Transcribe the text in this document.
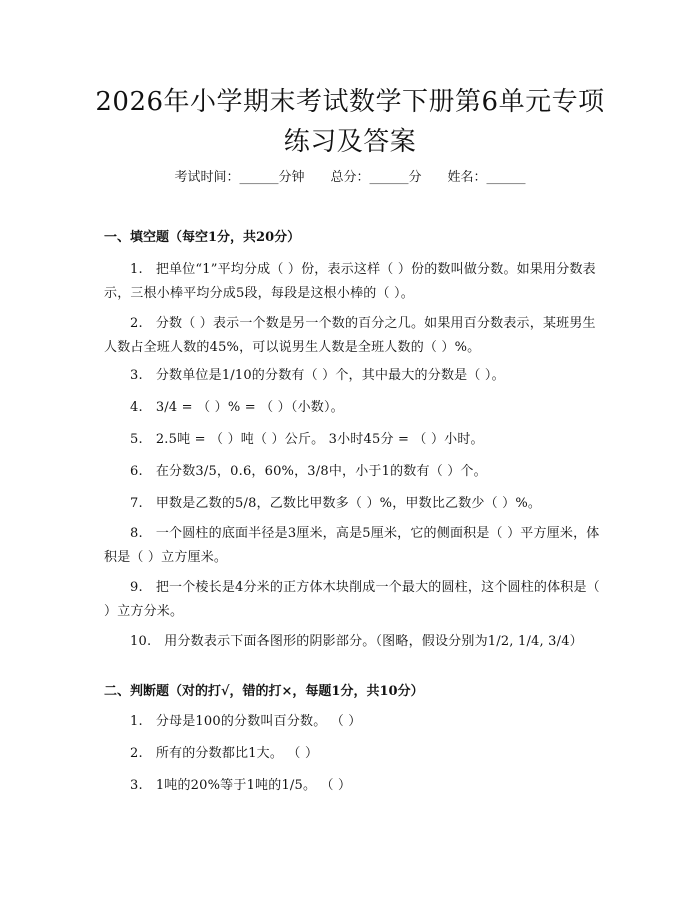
2026年小学期末考试数学下册第6单元专项
练习及答案
考试时间：______分钟 总分：______分 姓名：______
一、填空题（每空1分，共20分）
1. 把单位“1”平均分成（ ）份，表示这样（ ）份的数叫做分数。如果用分数表示，三根小棒平均分成5段，每段是这根小棒的（ ）。
2. 分数（ ）表示一个数是另一个数的百分之几。如果用百分数表示，某班男生人数占全班人数的45%，可以说男生人数是全班人数的（ ）%。
3. 分数单位是1/10的分数有（ ）个，其中最大的分数是（ ）。
4. 3/4 = （ ）% = （ ）（小数）。
5. 2.5吨 = （ ）吨（ ）公斤。 3小时45分 = （ ）小时。
6. 在分数3/5，0.6，60%，3/8中，小于1的数有（ ）个。
7. 甲数是乙数的5/8，乙数比甲数多（ ）%，甲数比乙数少（ ）%。
8. 一个圆柱的底面半径是3厘米，高是5厘米，它的侧面积是（ ）平方厘米，体积是（ ）立方厘米。
9. 把一个棱长是4分米的正方体木块削成一个最大的圆柱，这个圆柱的体积是（ ）立方分米。
10. 用分数表示下面各图形的阴影部分。（图略，假设分别为1/2, 1/4, 3/4）
二、判断题（对的打√，错的打×，每题1分，共10分）
1. 分母是100的分数叫百分数。 （ ）
2. 所有的分数都比1大。 （ ）
3. 1吨的20%等于1吨的1/5。 （ ）
